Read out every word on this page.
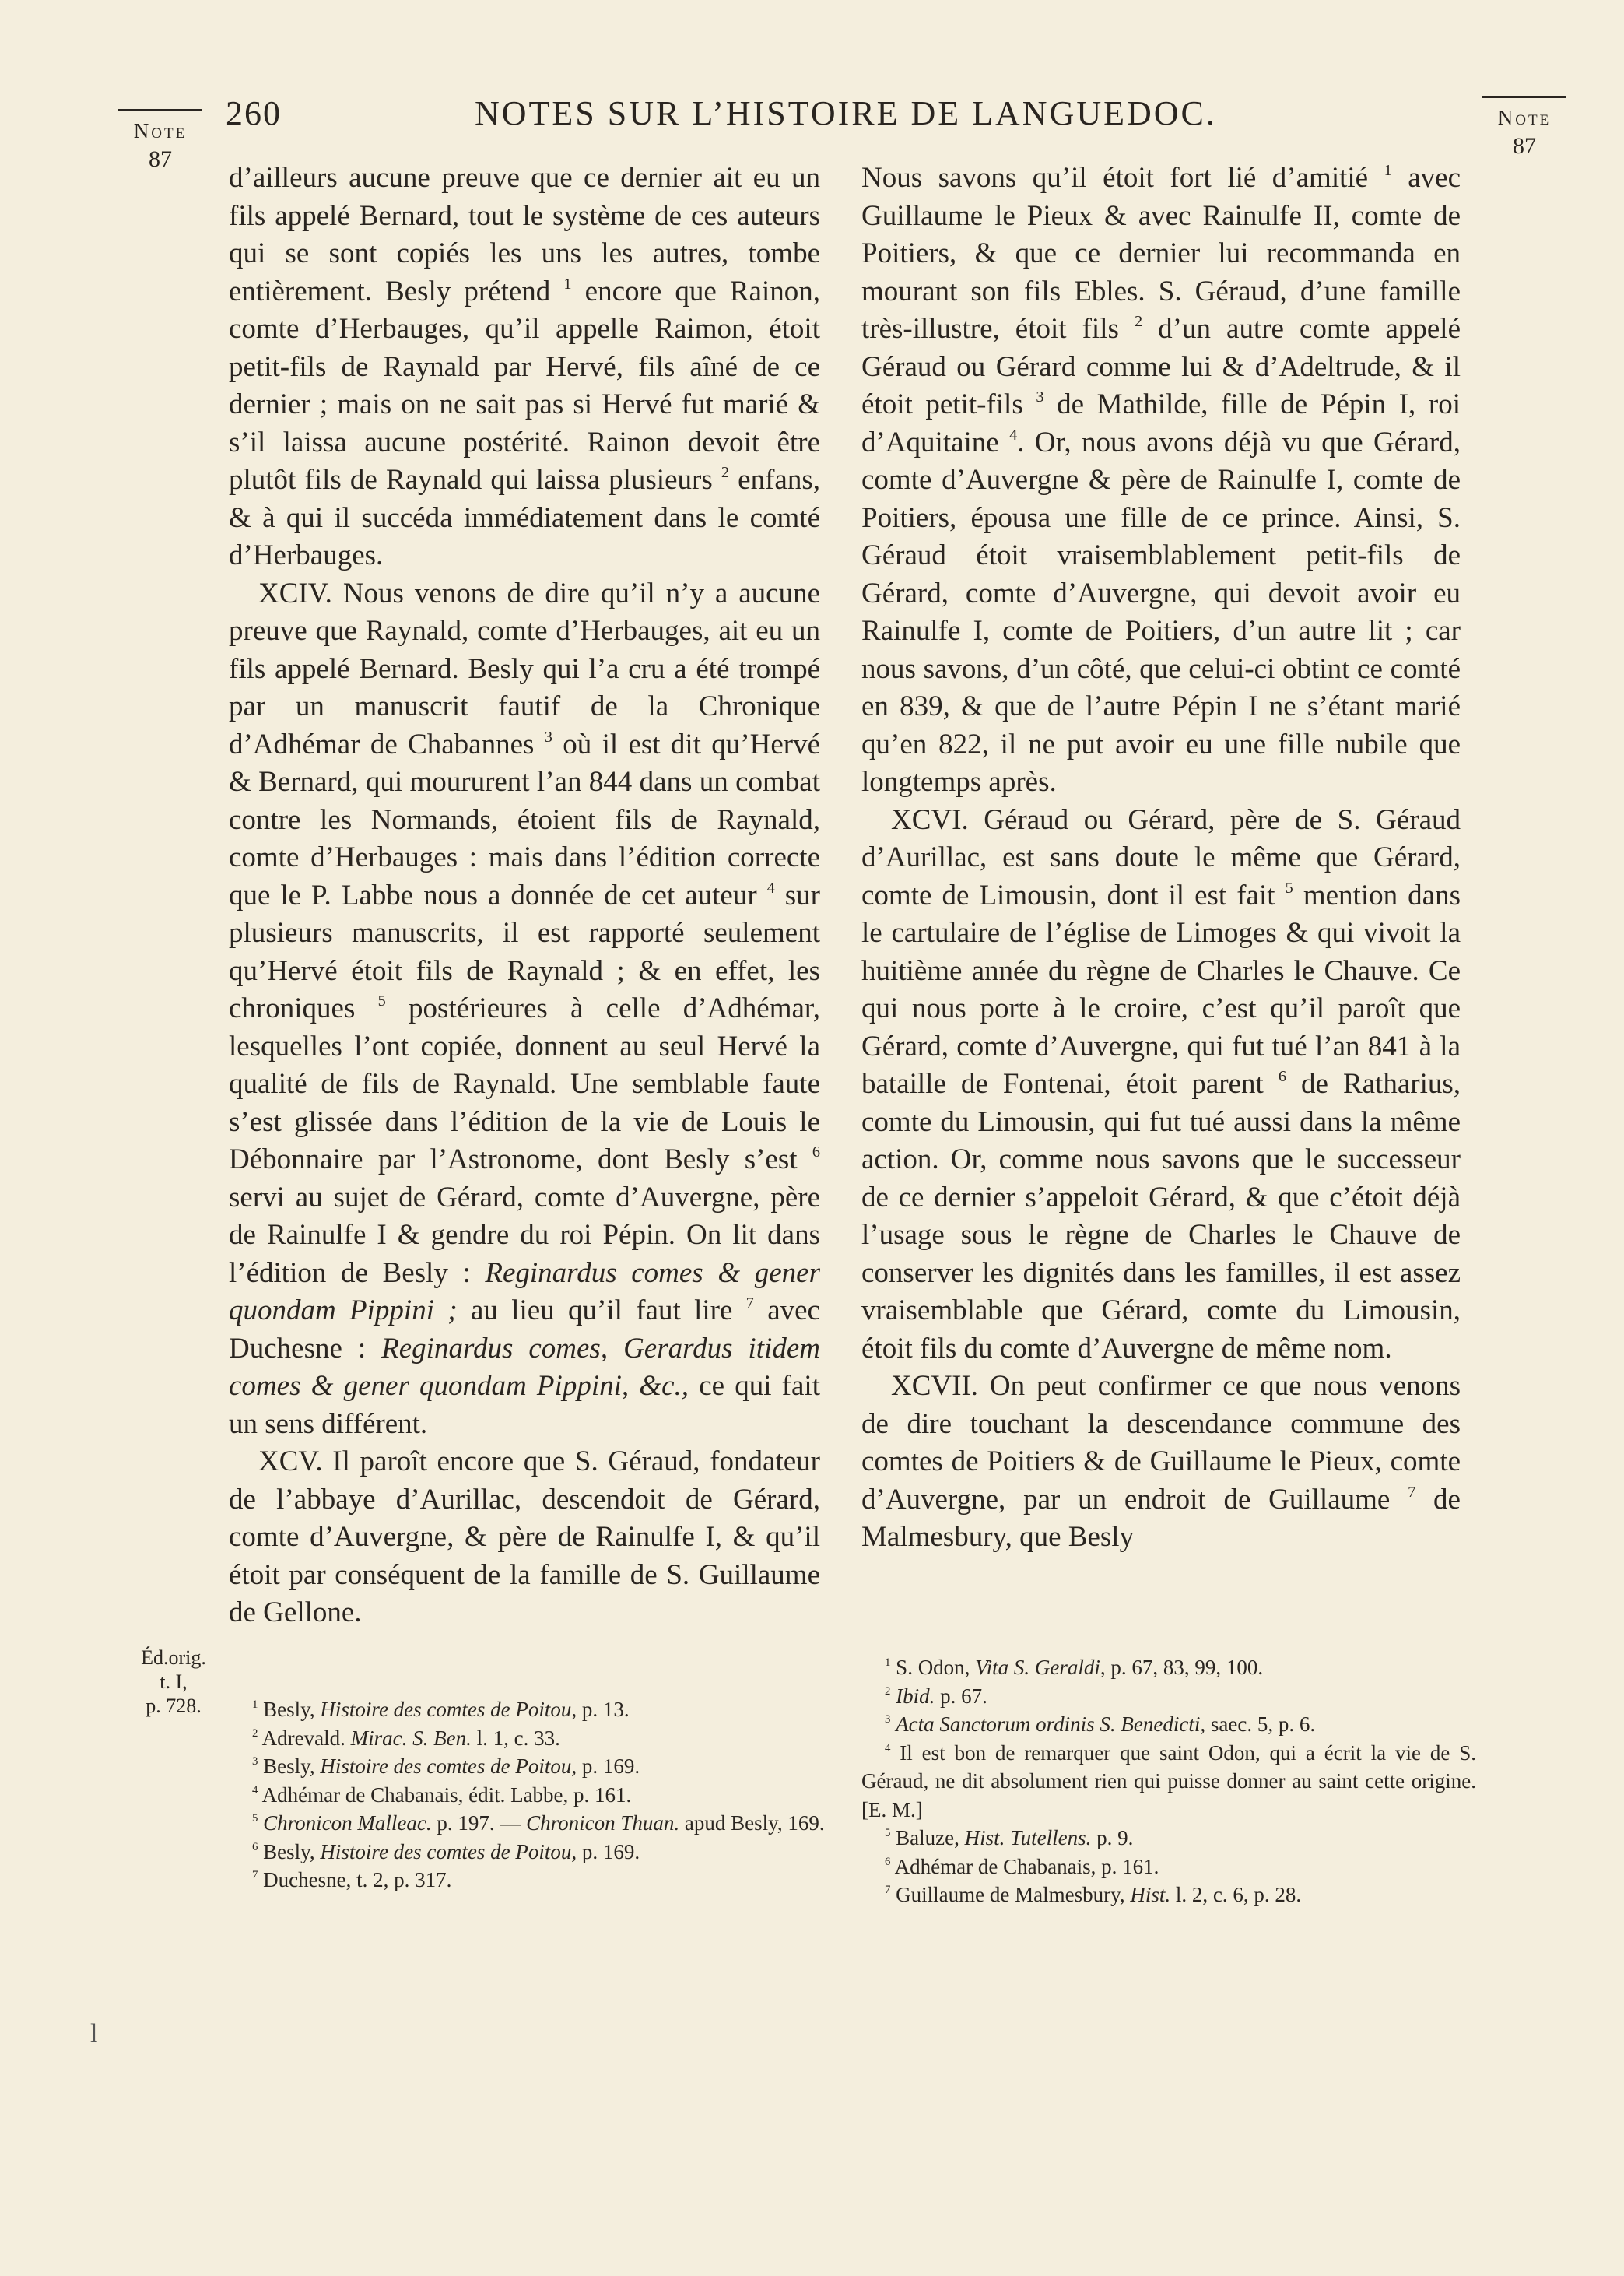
260	NOTES SUR L’HISTOIRE DE LANGUEDOC.
Note
87
Note
87

d’ailleurs aucune preuve que ce dernier ait eu un fils appelé Bernard, tout le système de ces auteurs qui se sont copiés les uns les autres, tombe entièrement. Besly prétend $^1$ encore que Rainon, comte d’Herbauges, qu’il appelle Raimon, étoit petit-fils de Raynald par Hervé, fils aîné de ce dernier ; mais on ne sait pas si Hervé fut marié & s’il laissa aucune postérité. Rainon devoit être plutôt fils de Raynald qui laissa plusieurs $^2$ enfans, & à qui il succéda immédiatement dans le comté d’Herbauges.

XCIV. Nous venons de dire qu’il n’y a aucune preuve que Raynald, comte d’Herbauges, ait eu un fils appelé Bernard. Besly qui l’a cru a été trompé par un manuscrit fautif de la Chronique d’Adhémar de Chabannes $^3$ où il est dit qu’Hervé & Bernard, qui moururent l’an 844 dans un combat contre les Normands, étoient fils de Raynald, comte d’Herbauges : mais dans l’édition correcte que le P. Labbe nous a donnée de cet auteur $^4$ sur plusieurs manuscrits, il est rapporté seulement qu’Hervé étoit fils de Raynald ; & en effet, les chroniques $^5$ postérieures à celle d’Adhémar, lesquelles l’ont copiée, donnent au seul Hervé la qualité de fils de Raynald. Une semblable faute s’est glissée dans l’édition de la vie de Louis le Débonnaire par l’Astronome, dont Besly s’est $^6$ servi au sujet de Gérard, comte d’Auvergne, père de Rainulfe I & gendre du roi Pépin. On lit dans l’édition de Besly : Reginardus comes & gener quondam Pippini ; au lieu qu’il faut lire $^7$ avec Duchesne : Reginardus comes, Gerardus itidem comes & gener quondam Pippini, &c., ce qui fait un sens différent.

XCV. Il paroît encore que S. Géraud, fondateur de l’abbaye d’Aurillac, descendoit de Gérard, comte d’Auvergne, & père de Rainulfe I, & qu’il étoit par conséquent de la famille de S. Guillaume de Gellone.

Nous savons qu’il étoit fort lié d’amitié $^1$ avec Guillaume le Pieux & avec Rainulfe II, comte de Poitiers, & que ce dernier lui recommanda en mourant son fils Ebles. S. Géraud, d’une famille très-illustre, étoit fils $^2$ d’un autre comte appelé Géraud ou Gérard comme lui & d’Adeltrude, & il étoit petit-fils $^3$ de Mathilde, fille de Pépin I, roi d’Aquitaine $^4$. Or, nous avons déjà vu que Gérard, comte d’Auvergne & père de Rainulfe I, comte de Poitiers, épousa une fille de ce prince. Ainsi, S. Géraud étoit vraisemblablement petit-fils de Gérard, comte d’Auvergne, qui devoit avoir eu Rainulfe I, comte de Poitiers, d’un autre lit ; car nous savons, d’un côté, que celui-ci obtint ce comté en 839, & que de l’autre Pépin I ne s’étant marié qu’en 822, il ne put avoir eu une fille nubile que longtemps après.

XCVI. Géraud ou Gérard, père de S. Géraud d’Aurillac, est sans doute le même que Gérard, comte de Limousin, dont il est fait $^5$ mention dans le cartulaire de l’église de Limoges & qui vivoit la huitième année du règne de Charles le Chauve. Ce qui nous porte à le croire, c’est qu’il paroît que Gérard, comte d’Auvergne, qui fut tué l’an 841 à la bataille de Fontenai, étoit parent $^6$ de Ratharius, comte du Limousin, qui fut tué aussi dans la même action. Or, comme nous savons que le successeur de ce dernier s’appeloit Gérard, & que c’étoit déjà l’usage sous le règne de Charles le Chauve de conserver les dignités dans les familles, il est assez vraisemblable que Gérard, comte du Limousin, étoit fils du comte d’Auvergne de même nom.

XCVII. On peut confirmer ce que nous venons de dire touchant la descendance commune des comtes de Poitiers & de Guillaume le Pieux, comte d’Auvergne, par un endroit de Guillaume $^7$ de Malmesbury, que Besly

Éd.orig.
t. I,
p. 728.	$^1$ Besly, Histoire des comtes de Poitou, p. 13.
$^2$ Adrevald. Mirac. S. Ben. l. 1, c. 33.
$^3$ Besly, Histoire des comtes de Poitou, p. 169.
$^4$ Adhémar de Chabanais, édit. Labbe, p. 161.
$^5$ Chronicon Malleac. p. 197. — Chronicon Thuan. apud Besly, 169.
$^6$ Besly, Histoire des comtes de Poitou, p. 169.
$^7$ Duchesne, t. 2, p. 317.
$^1$ S. Odon, Vita S. Geraldi, p. 67, 83, 99, 100.
$^2$ Ibid. p. 67.
$^3$ Acta Sanctorum ordinis S. Benedicti, saec. 5, p. 6.
$^4$ Il est bon de remarquer que saint Odon, qui a écrit la vie de S. Géraud, ne dit absolument rien qui puisse donner au saint cette origine. [E. M.]
$^5$ Baluze, Hist. Tutellens. p. 9.
$^6$ Adhémar de Chabanais, p. 161.
$^7$ Guillaume de Malmesbury, Hist. l. 2, c. 6, p. 28.
l
